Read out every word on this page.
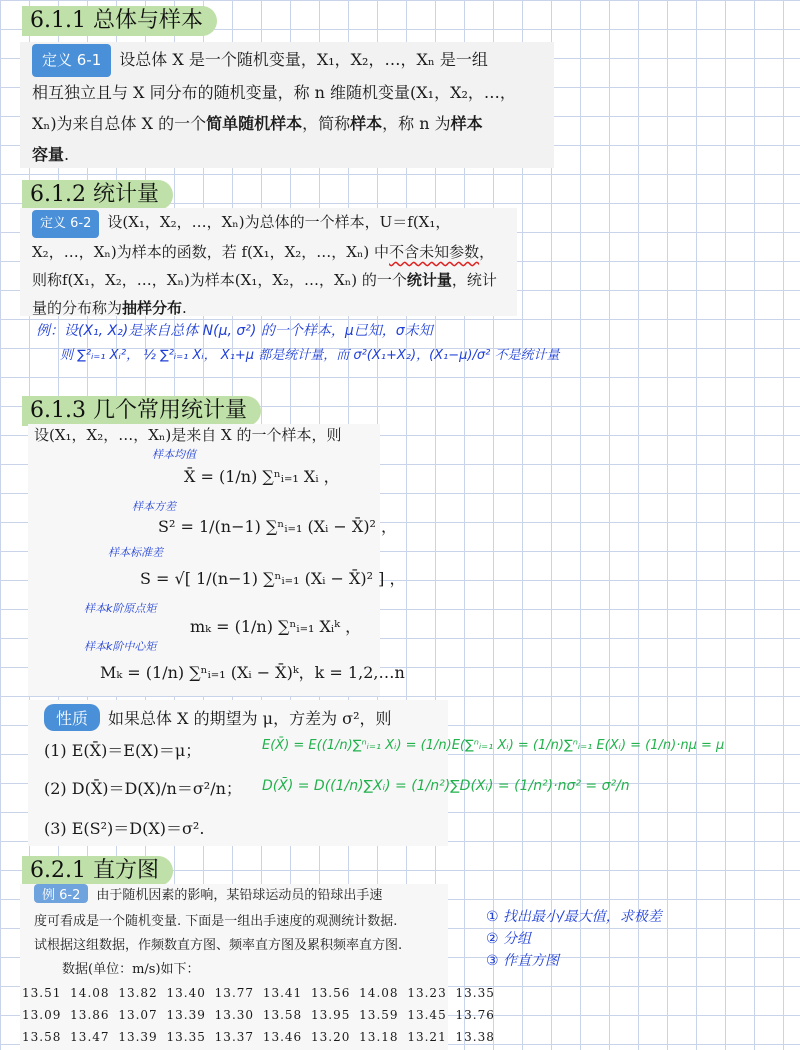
6.1.1 总体与样本
定义 6-1 设总体 X 是一个随机变量，X₁，X₂，…，Xₙ 是一组
相互独立且与 X 同分布的随机变量，称 n 维随机变量(X₁，X₂，…，
Xₙ)为来自总体 X 的一个简单随机样本，简称样本，称 n 为样本
容量.
6.1.2 统计量
定义 6-2 设(X₁，X₂，…，Xₙ)为总体的一个样本，U＝f(X₁，
X₂，…，Xₙ)为样本的函数，若 f(X₁，X₂，…，Xₙ) 中不含未知参数，
则称f(X₁，X₂，…，Xₙ)为样本(X₁，X₂，…，Xₙ) 的一个统计量，统计
量的分布称为抽样分布.
例：设(X₁, X₂)是来自总体 N(μ, σ²) 的一个样本，μ已知，σ未知
则 ∑²ᵢ₌₁ Xᵢ²， ½ ∑²ᵢ₌₁ Xᵢ， X₁+μ 都是统计量，而 σ²(X₁+X₂)，(X₁−μ)/σ² 不是统计量
6.1.3 几个常用统计量
设(X₁，X₂，…，Xₙ)是来自 X 的一个样本，则
样本均值
X̄ = (1/n) ∑ⁿᵢ₌₁ Xᵢ ，
样本方差
S² = 1/(n−1) ∑ⁿᵢ₌₁ (Xᵢ − X̄)² ，
样本标准差
S = √[ 1/(n−1) ∑ⁿᵢ₌₁ (Xᵢ − X̄)² ] ，
样本k阶原点矩
mₖ = (1/n) ∑ⁿᵢ₌₁ Xᵢᵏ ，
样本k阶中心矩
Mₖ = (1/n) ∑ⁿᵢ₌₁ (Xᵢ − X̄)ᵏ，k = 1,2,…n
性质 如果总体 X 的期望为 μ，方差为 σ²，则
(1) E(X̄)＝E(X)＝μ；
(2) D(X̄)＝D(X)/n＝σ²/n；
(3) E(S²)＝D(X)＝σ².
E(X̄) = E((1/n)∑ⁿᵢ₌₁ Xᵢ) = (1/n)E(∑ⁿᵢ₌₁ Xᵢ) = (1/n)∑ⁿᵢ₌₁ E(Xᵢ) = (1/n)·nμ = μ
D(X̄) = D((1/n)∑Xᵢ) = (1/n²)∑D(Xᵢ) = (1/n²)·nσ² = σ²/n
6.2.1 直方图
例 6-2 由于随机因素的影响，某铅球运动员的铅球出手速
度可看成是一个随机变量. 下面是一组出手速度的观测统计数据.
试根据这组数据，作频数直方图、频率直方图及累积频率直方图.
数据(单位：m/s)如下：
13.51 14.08 13.82 13.40 13.77 13.41 13.56 14.08 13.23 13.35
13.09 13.86 13.07 13.39 13.30 13.58 13.95 13.59 13.45 13.76
13.58 13.47 13.39 13.35 13.37 13.46 13.20 13.18 13.21 13.38
① 找出最小/最大值，求极差
② 分组
③ 作直方图
